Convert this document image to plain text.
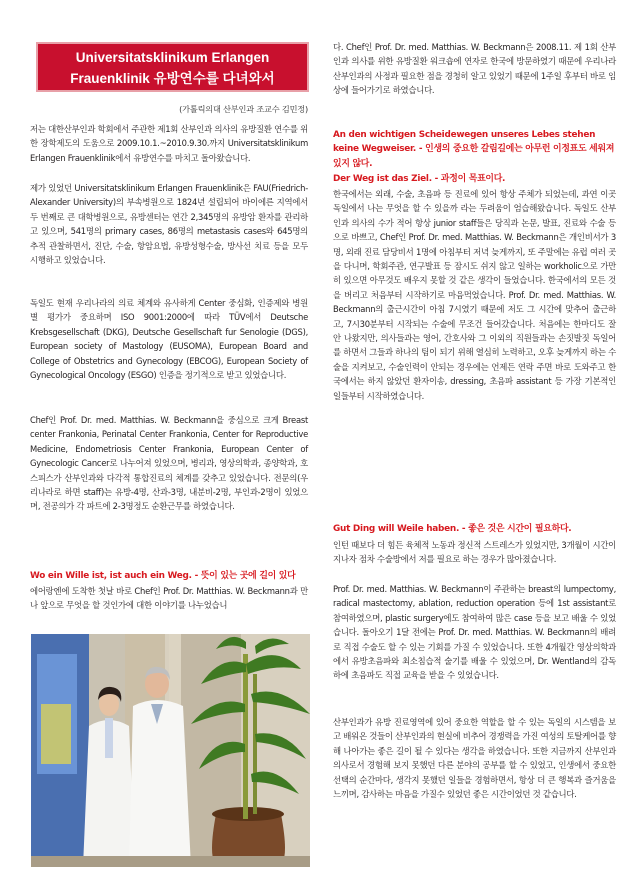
Universitatsklinikum Erlangen
Frauenklinik 유방연수를 다녀와서
(가톨릭의대 산부인과 조교수 김민정)

저는 대한산부인과 학회에서 주관한 제1회 산부인과 의사의 유방질환 연수를 위한 장학제도의 도움으로 2009.10.1.~2010.9.30.까지 Universitatsklinikum Erlangen Frauenklinik에서 유방연수를 마치고 돌아왔습니다.

제가 있었던 Universitatsklinikum Erlangen Frauenklinik은 FAU(Friedrich-Alexander University)의 부속병원으로 1824년 설립되어 바이에른 지역에서 두 번째로 큰 대학병원으로, 유방센터는 연간 2,345명의 유방암 환자를 관리하고 있으며, 541명의 primary cases, 86명의 metastasis cases와 645명의 추적 관찰하면서, 진단, 수술, 항암요법, 유방성형수술, 방사선 치료 등을 모두 시행하고 있었습니다.

독일도 현재 우리나라의 의료 체계와 유사하게 Center 중심화, 인증제와 병원별 평가가 중요하며 ISO 9001:2000에 따라 TÜV에서 Deutsche Krebsgesellschaft (DKG), Deutsche Gesellschaft fur Senologie (DGS), European society of Mastology (EUSOMA), European Board and College of Obstetrics and Gynecology (EBCOG), European Society of Gynecological Oncology (ESGO) 인증을 정기적으로 받고 있었습니다.

Chef인 Prof. Dr. med. Matthias. W. Beckmann을 중심으로 크게 Breast center Frankonia, Perinatal Center Frankonia, Center for Reproductive Medicine, Endometriosis Center Frankonia, European Center of Gynecologic Cancer로 나누어져 있었으며, 병리과, 영상의학과, 종양학과, 호스피스가 산부인과와 다각적 통합진료의 체계를 갖추고 있었습니다. 전문의(우리나라로 하면 staff)는 유방-4명, 산과-3명, 내분비-2명, 부인과-2명이 있었으며, 전공의가 각 파트에 2-3명정도 순환근무를 하였습니다.

Wo ein Wille ist, ist auch ein Weg. - 뜻이 있는 곳에 길이 있다

에어랑엔에 도착한 첫날 바로 Chef인 Prof. Dr. Matthias. W. Beckmann과 만나 앞으로 무엇을 할 것인가에 대한 이야기를 나누었습니

다. Chef인 Prof. Dr. med. Matthias. W. Beckmann은 2008.11. 제 1회 산부인과 의사를 위한 유방질환 워크숍에 연자로 한국에 방문하였기 때문에 우리나라 산부인과의 사정과 필요한 점을 경청히 알고 있었기 때문에 1주일 후부터 바로 임상에 들어가기로 하였습니다.

An den wichtigen Scheidewegen unseres Lebes stehen keine Wegweiser. - 인생의 중요한 갈림길에는 아무런 이정표도 세워져 있지 않다.

Der Weg ist das Ziel. - 과정이 목표이다.

한국에서는 외래, 수술, 초음파 등 진료에 있어 항상 주체가 되었는데, 과연 이곳 독일에서 나는 무엇을 할 수 있을까 라는 두려움이 엄습해왔습니다. 독일도 산부인과 의사의 수가 적어 항상 junior staff들은 당직과 논문, 발표, 진료와 수술 등으로 바쁘고, Chef인 Prof. Dr. med. Matthias. W. Beckmann은 개인비서가 3명, 외래 진료 담당비서 1명에 아침부터 저녁 늦게까지, 또 주말에는 유럽 여러 곳을 다니며, 학회주관, 연구발표 등 잠시도 쉬지 않고 일하는 workholic으로 가만히 있으면 아무것도 배우지 못할 것 같은 생각이 들었습니다. 한국에서의 모든 것을 버리고 처음부터 시작하기로 마음먹었습니다. Prof. Dr. med. Matthias. W. Beckmann의 출근시간이 아침 7시였기 때문에 저도 그 시간에 맞추어 출근하고, 7시30분부터 시작되는 수술에 무조건 들어갔습니다. 처음에는 한마디도 잘 안 나왔지만, 의사들과는 영어, 간호사와 그 이외의 직원들과는 손짓발짓 독일어를 하면서 그들과 하나의 팀이 되기 위해 열심히 노력하고, 오후 늦게까지 하는 수술을 지켜보고, 수술인력이 안되는 경우에는 언제든 연락 주면 바로 도와주고 한국에서는 하지 않았던 환자이송, dressing, 초음파 assistant 등 가장 기본적인 일들부터 시작하였습니다.

Gut Ding will Weile haben. - 좋은 것은 시간이 필요하다.

인턴 때보다 더 힘든 육체적 노동과 정신적 스트레스가 있었지만, 3개월이 시간이 지나자 점차 수술방에서 저를 필요로 하는 경우가 많아졌습니다.

Prof. Dr. med. Matthias. W. Beckmann이 주관하는 breast의 lumpectomy, radical mastectomy, ablation, reduction operation 등에 1st assistant로 참여하였으며, plastic surgery에도 참여하여 많은 case 등을 보고 배울 수 있었습니다. 돌아오기 1달 전에는 Prof. Dr. med. Matthias. W. Beckmann의 배려로 직접 수술도 할 수 있는 기회를 가질 수 있었습니다. 또한 4개월간 영상의학과에서 유방초음파와 최소침습적 술기를 배울 수 있었으며, Dr. Wentland의 감독하에 초음파도 직접 교육을 받을 수 있었습니다.

산부인과가 유방 진료영역에 있어 중요한 역할을 할 수 있는 독일의 시스템을 보고 배워온 것들이 산부인과의 현실에 비추어 경쟁력을 가진 여성의 토탈케어를 향해 나아가는 좋은 길이 될 수 있다는 생각을 하였습니다. 또한 지금까지 산부인과 의사로서 경험해 보지 못했던 다른 분야의 공부를 할 수 있었고, 인생에서 중요한 선택의 순간마다, 생각지 못했던 일들을 경험하면서, 항상 더 큰 행복과 즐거움을 느끼며, 감사하는 마음을 가질수 있었던 좋은 시간이었던 것 같습니다.
